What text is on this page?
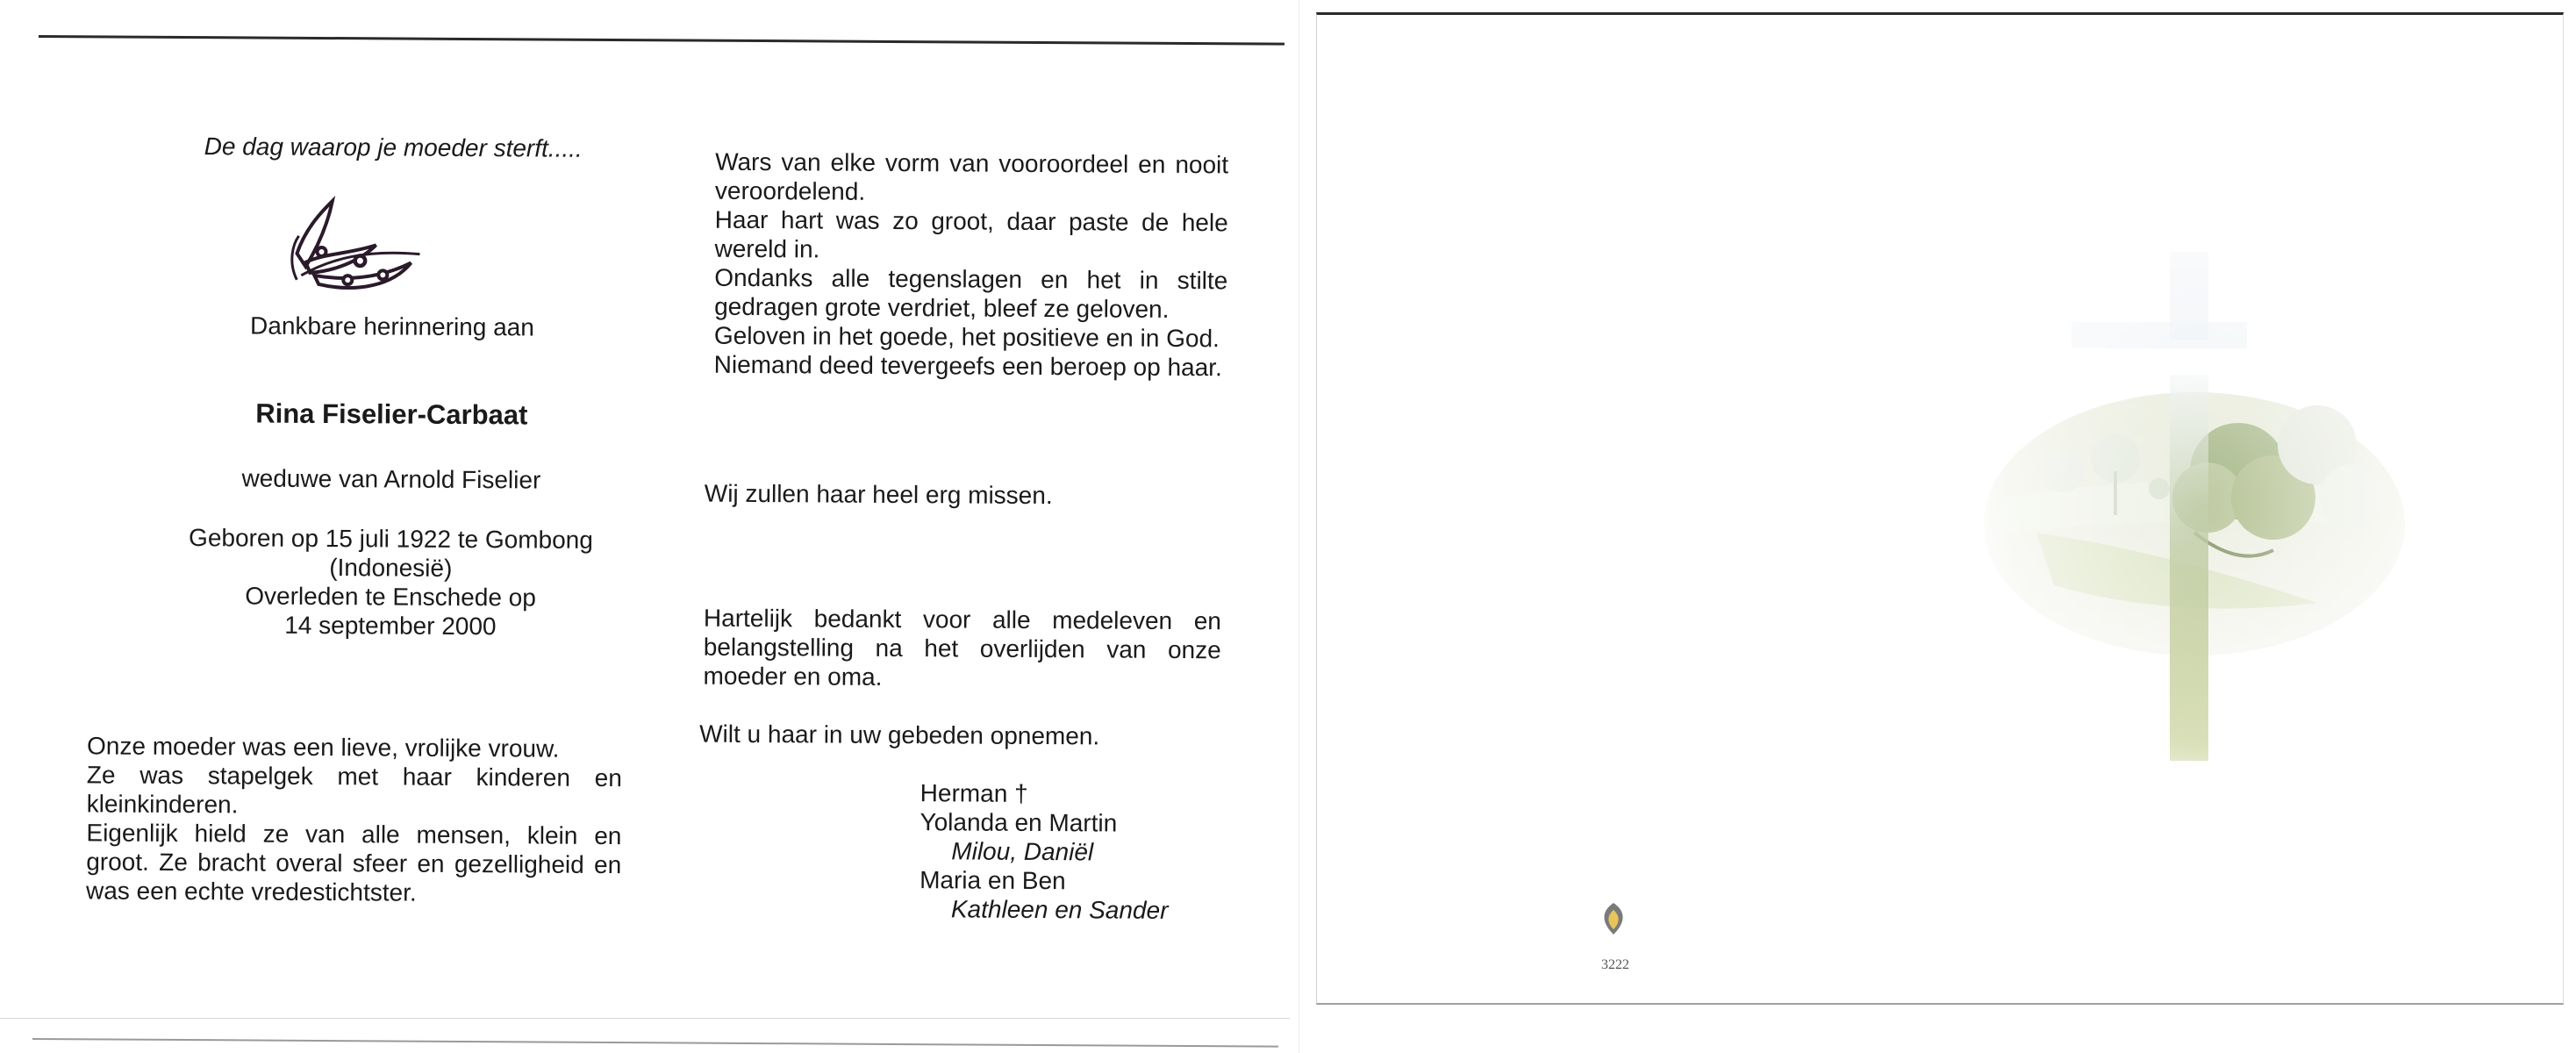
De dag waarop je moeder sterft.....

Dankbare herinnering aan

Rina Fiselier-Carbaat

weduwe van Arnold Fiselier

Geboren op 15 juli 1922 te Gombong

(Indonesië)

Overleden te Enschede op

14 september 2000

Onze moeder was een lieve, vrolijke vrouw.

Ze was stapelgek met haar kinderen en kleinkinderen.

Eigenlijk hield ze van alle mensen, klein en groot. Ze bracht overal sfeer en gezelligheid en was een echte vredestichtster.

Wars van elke vorm van vooroordeel en nooit veroordelend.

Haar hart was zo groot, daar paste de hele wereld in.

Ondanks alle tegenslagen en het in stilte gedragen grote verdriet, bleef ze geloven.

Geloven in het goede, het positieve en in God.

Niemand deed tevergeefs een beroep op haar.

Wij zullen haar heel erg missen.

Hartelijk bedankt voor alle medeleven en belangstelling na het overlijden van onze moeder en oma.

Wilt u haar in uw gebeden opnemen.

Herman †

Yolanda en Martin

Milou, Daniël

Maria en Ben

Kathleen en Sander

3222
